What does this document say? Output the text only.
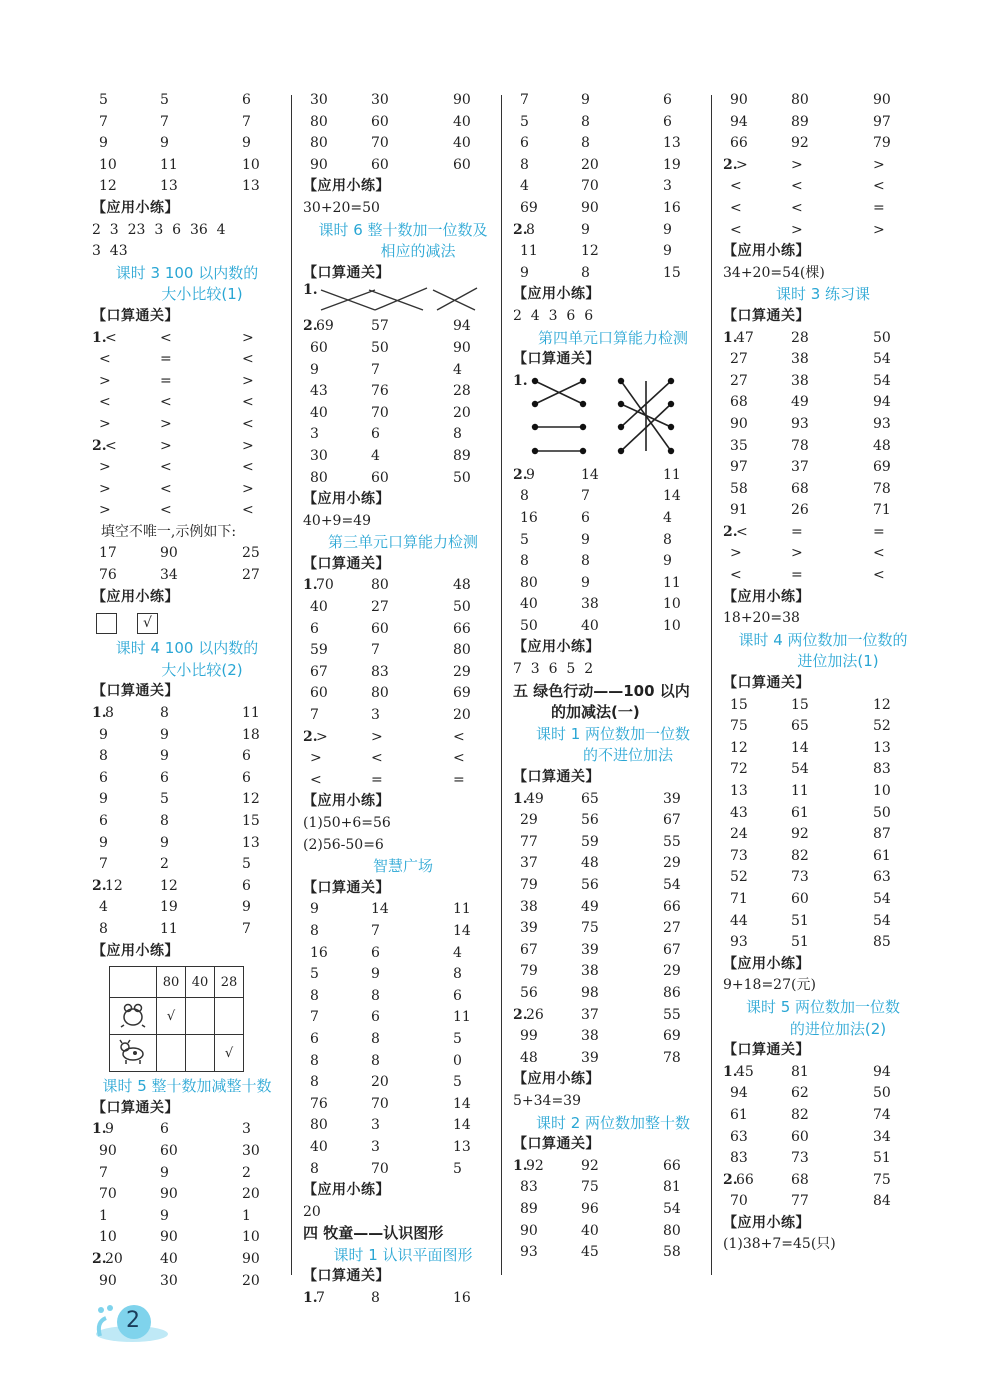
5	5	6
7	7	7
9	9	9
10	11	10
12	13	13
【应用小练】
2  3  23  3  6  36  4
3  43
课时 3 100 以内数的
大小比较(1)
【口算通关】
1.
<	<	>
<	=	<
>	=	>
<	<	<
>	>	<
2.
<	>	>
>	<	<
>	<	>
>	<	<
填空不唯一,示例如下:
17	90	25
76	34	27
【应用小练】
√
课时 4 100 以内数的
大小比较(2)
【口算通关】
1.
8	8	11
9	9	18
8	9	6
6	6	6
9	5	12
6	8	15
9	9	13
7	2	5
2.
12	12	6
4	19	9
8	11	7
【应用小练】
	80	40	28
	√		
			√
课时 5 整十数加减整十数
【口算通关】
1.
9	6	3
90	60	30
7	9	2
70	90	20
1	9	1
10	90	10
2.
20	40	90
90	30	20
30	30	90
80	60	40
80	70	40
90	60	60
【应用小练】
30+20=50
课时 6 整十数加一位数及
相应的减法
【口算通关】
1.
2.
69	57	94
60	50	90
9	7	4
43	76	28
40	70	20
3	6	8
30	4	89
80	60	50
【应用小练】
40+9=49
第三单元口算能力检测
【口算通关】
1.
70	80	48
40	27	50
6	60	66
59	7	80
67	83	29
60	80	69
7	3	20
2.
>	>	<
>	<	<
<	=	=
【应用小练】
(1)50+6=56
(2)56-50=6
智慧广场
【口算通关】
9	14	11
8	7	14
16	6	4
5	9	8
8	8	6
7	6	11
6	8	5
8	8	0
8	20	5
76	70	14
80	3	14
40	3	13
8	70	5
【应用小练】
20
四 牧童——认识图形
课时 1 认识平面图形
【口算通关】
1.
7	8	16
7	9	6
5	8	6
6	8	13
8	20	19
4	70	3
69	90	16
2.
8	9	9
11	12	9
9	8	15
【应用小练】
2  4  3  6  6
第四单元口算能力检测
【口算通关】
1.
2.
9	14	11
8	7	14
16	6	4
5	9	8
8	8	9
80	9	11
40	38	10
50	40	10
【应用小练】
7  3  6  5  2
五 绿色行动——100 以内
的加减法(一)
课时 1 两位数加一位数
的不进位加法
【口算通关】
1.
49	65	39
29	56	67
77	59	55
37	48	29
79	56	54
38	49	66
39	75	27
67	39	67
79	38	29
56	98	86
2.
26	37	55
99	38	69
48	39	78
【应用小练】
5+34=39
课时 2 两位数加整十数
【口算通关】
1.
92	92	66
83	75	81
89	96	54
90	40	80
93	45	58
90	80	90
94	89	97
66	92	79
2.
>	>	>
<	<	<
<	<	=
<	>	>
【应用小练】
34+20=54(棵)
课时 3 练习课
【口算通关】
1.
47	28	50
27	38	54
27	38	54
68	49	94
90	93	93
35	78	48
97	37	69
58	68	78
91	26	71
2.
<	=	=
>	>	<
<	=	<
【应用小练】
18+20=38
课时 4 两位数加一位数的
进位加法(1)
【口算通关】
15	15	12
75	65	52
12	14	13
72	54	83
13	11	10
43	61	50
24	92	87
73	82	61
52	73	63
71	60	54
44	51	54
93	51	85
【应用小练】
9+18=27(元)
课时 5 两位数加一位数
的进位加法(2)
【口算通关】
1.
45	81	94
94	62	50
61	82	74
63	60	34
83	73	51
2.
66	68	75
70	77	84
【应用小练】
(1)38+7=45(只)
2
